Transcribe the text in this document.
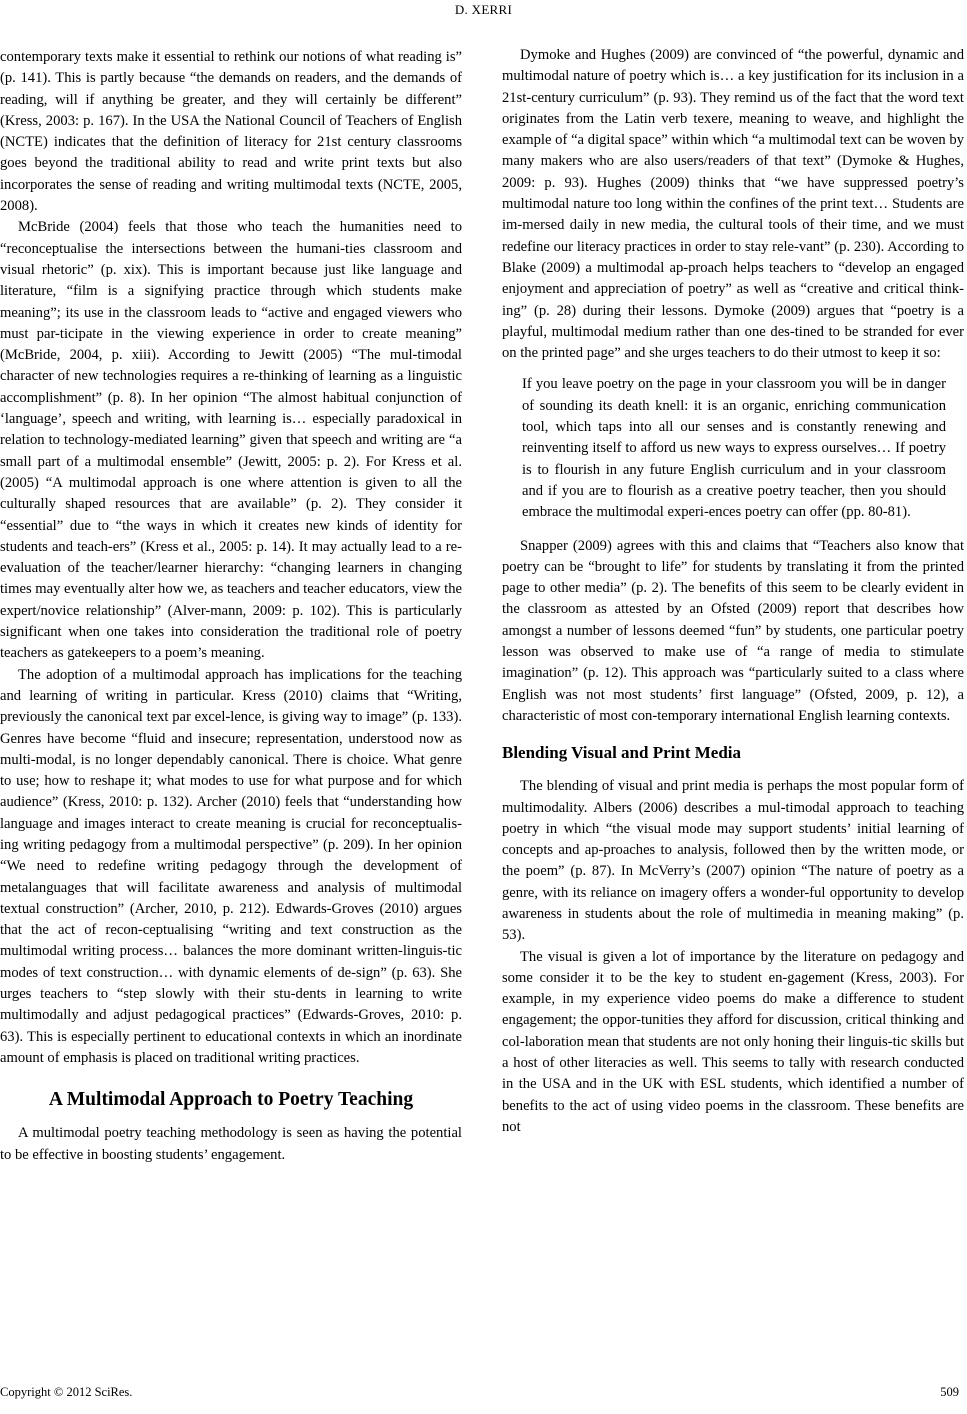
D. XERRI

contemporary texts make it essential to rethink our notions of what reading is” (p. 141). This is partly because “the demands on readers, and the demands of reading, will if anything be greater, and they will certainly be different” (Kress, 2003: p. 167). In the USA the National Council of Teachers of English (NCTE) indicates that the definition of literacy for 21st century classrooms goes beyond the traditional ability to read and write print texts but also incorporates the sense of reading and writing multimodal texts (NCTE, 2005, 2008).

McBride (2004) feels that those who teach the humanities need to “reconceptualise the intersections between the humani-ties classroom and visual rhetoric” (p. xix). This is important because just like language and literature, “film is a signifying practice through which students make meaning”; its use in the classroom leads to “active and engaged viewers who must par-ticipate in the viewing experience in order to create meaning” (McBride, 2004, p. xiii). According to Jewitt (2005) “The mul-timodal character of new technologies requires a re-thinking of learning as a linguistic accomplishment” (p. 8). In her opinion “The almost habitual conjunction of ‘language’, speech and writing, with learning is… especially paradoxical in relation to technology-mediated learning” given that speech and writing are “a small part of a multimodal ensemble” (Jewitt, 2005: p. 2). For Kress et al. (2005) “A multimodal approach is one where attention is given to all the culturally shaped resources that are available” (p. 2). They consider it “essential” due to “the ways in which it creates new kinds of identity for students and teach-ers” (Kress et al., 2005: p. 14). It may actually lead to a re-evaluation of the teacher/learner hierarchy: “changing learners in changing times may eventually alter how we, as teachers and teacher educators, view the expert/novice relationship” (Alver-mann, 2009: p. 102). This is particularly significant when one takes into consideration the traditional role of poetry teachers as gatekeepers to a poem’s meaning.

The adoption of a multimodal approach has implications for the teaching and learning of writing in particular. Kress (2010) claims that “Writing, previously the canonical text par excel-lence, is giving way to image” (p. 133). Genres have become “fluid and insecure; representation, understood now as multi-modal, is no longer dependably canonical. There is choice. What genre to use; how to reshape it; what modes to use for what purpose and for which audience” (Kress, 2010: p. 132). Archer (2010) feels that “understanding how language and images interact to create meaning is crucial for reconceptualis-ing writing pedagogy from a multimodal perspective” (p. 209). In her opinion “We need to redefine writing pedagogy through the development of metalanguages that will facilitate awareness and analysis of multimodal textual construction” (Archer, 2010, p. 212). Edwards-Groves (2010) argues that the act of recon-ceptualising “writing and text construction as the multimodal writing process… balances the more dominant written-linguis-tic modes of text construction… with dynamic elements of de-sign” (p. 63). She urges teachers to “step slowly with their stu-dents in learning to write multimodally and adjust pedagogical practices” (Edwards-Groves, 2010: p. 63). This is especially pertinent to educational contexts in which an inordinate amount of emphasis is placed on traditional writing practices.

A Multimodal Approach to Poetry Teaching

A multimodal poetry teaching methodology is seen as having the potential to be effective in boosting students’ engagement.

Dymoke and Hughes (2009) are convinced of “the powerful, dynamic and multimodal nature of poetry which is… a key justification for its inclusion in a 21st-century curriculum” (p. 93). They remind us of the fact that the word text originates from the Latin verb texere, meaning to weave, and highlight the example of “a digital space” within which “a multimodal text can be woven by many makers who are also users/readers of that text” (Dymoke & Hughes, 2009: p. 93). Hughes (2009) thinks that “we have suppressed poetry’s multimodal nature too long within the confines of the print text… Students are im-mersed daily in new media, the cultural tools of their time, and we must redefine our literacy practices in order to stay rele-vant” (p. 230). According to Blake (2009) a multimodal ap-proach helps teachers to “develop an engaged enjoyment and appreciation of poetry” as well as “creative and critical think-ing” (p. 28) during their lessons. Dymoke (2009) argues that “poetry is a playful, multimodal medium rather than one des-tined to be stranded for ever on the printed page” and she urges teachers to do their utmost to keep it so:

If you leave poetry on the page in your classroom you will be in danger of sounding its death knell: it is an organic, enriching communication tool, which taps into all our senses and is constantly renewing and reinventing itself to afford us new ways to express ourselves… If poetry is to flourish in any future English curriculum and in your classroom and if you are to flourish as a creative poetry teacher, then you should embrace the multimodal experi-ences poetry can offer (pp. 80-81).

Snapper (2009) agrees with this and claims that “Teachers also know that poetry can be “brought to life” for students by translating it from the printed page to other media” (p. 2). The benefits of this seem to be clearly evident in the classroom as attested by an Ofsted (2009) report that describes how amongst a number of lessons deemed “fun” by students, one particular poetry lesson was observed to make use of “a range of media to stimulate imagination” (p. 12). This approach was “particularly suited to a class where English was not most students’ first language” (Ofsted, 2009, p. 12), a characteristic of most con-temporary international English learning contexts.

Blending Visual and Print Media

The blending of visual and print media is perhaps the most popular form of multimodality. Albers (2006) describes a mul-timodal approach to teaching poetry in which “the visual mode may support students’ initial learning of concepts and ap-proaches to analysis, followed then by the written mode, or the poem” (p. 87). In McVerry’s (2007) opinion “The nature of poetry as a genre, with its reliance on imagery offers a wonder-ful opportunity to develop awareness in students about the role of multimedia in meaning making” (p. 53).

The visual is given a lot of importance by the literature on pedagogy and some consider it to be the key to student en-gagement (Kress, 2003). For example, in my experience video poems do make a difference to student engagement; the oppor-tunities they afford for discussion, critical thinking and col-laboration mean that students are not only honing their linguis-tic skills but a host of other literacies as well. This seems to tally with research conducted in the USA and in the UK with ESL students, which identified a number of benefits to the act of using video poems in the classroom. These benefits are not

Copyright © 2012 SciRes.	509
